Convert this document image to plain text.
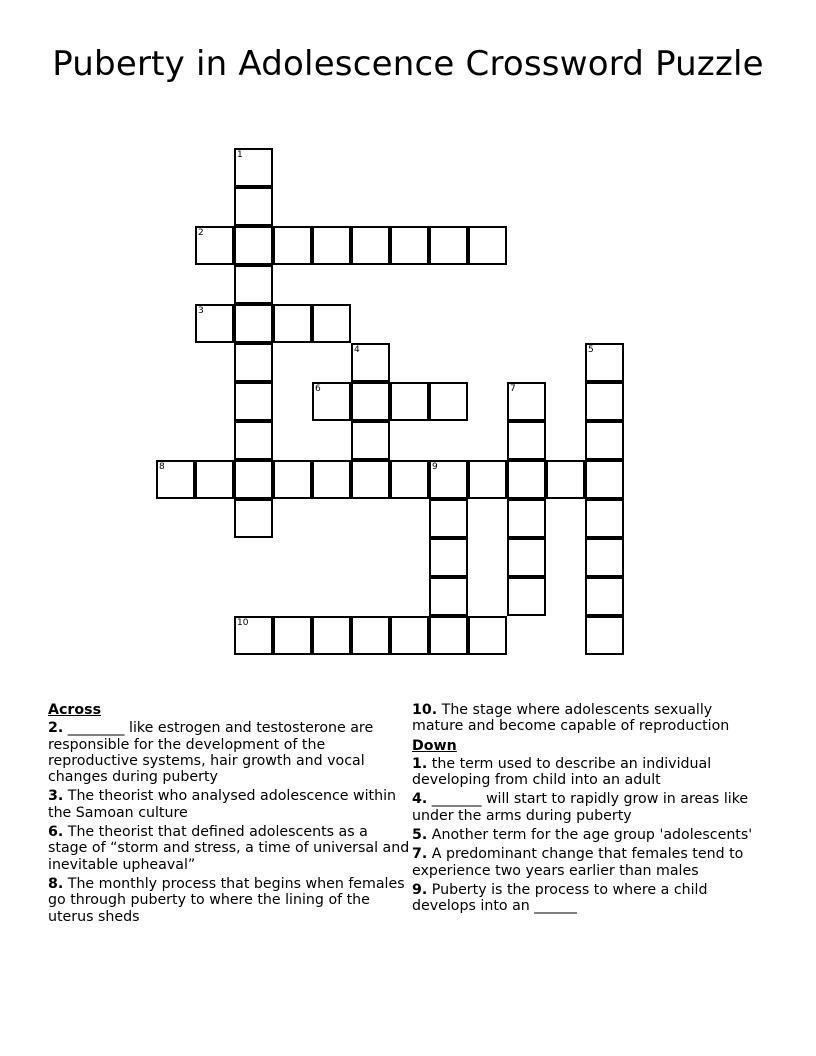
Puberty in Adolescence Crossword Puzzle
1
2
3
4	5
6	7
8	9
10
Across
2. ________ like estrogen and testosterone are responsible for the development of the reproductive systems, hair growth and vocal changes during puberty
3. The theorist who analysed adolescence within the Samoan culture
6. The theorist that defined adolescents as a stage of “storm and stress, a time of universal and inevitable upheaval”
8. The monthly process that begins when females go through puberty to where the lining of the uterus sheds
10. The stage where adolescents sexually mature and become capable of reproduction
Down
1. the term used to describe an individual developing from child into an adult
4. _______ will start to rapidly grow in areas like under the arms during puberty
5. Another term for the age group 'adolescents'
7. A predominant change that females tend to experience two years earlier than males
9. Puberty is the process to where a child develops into an ______
